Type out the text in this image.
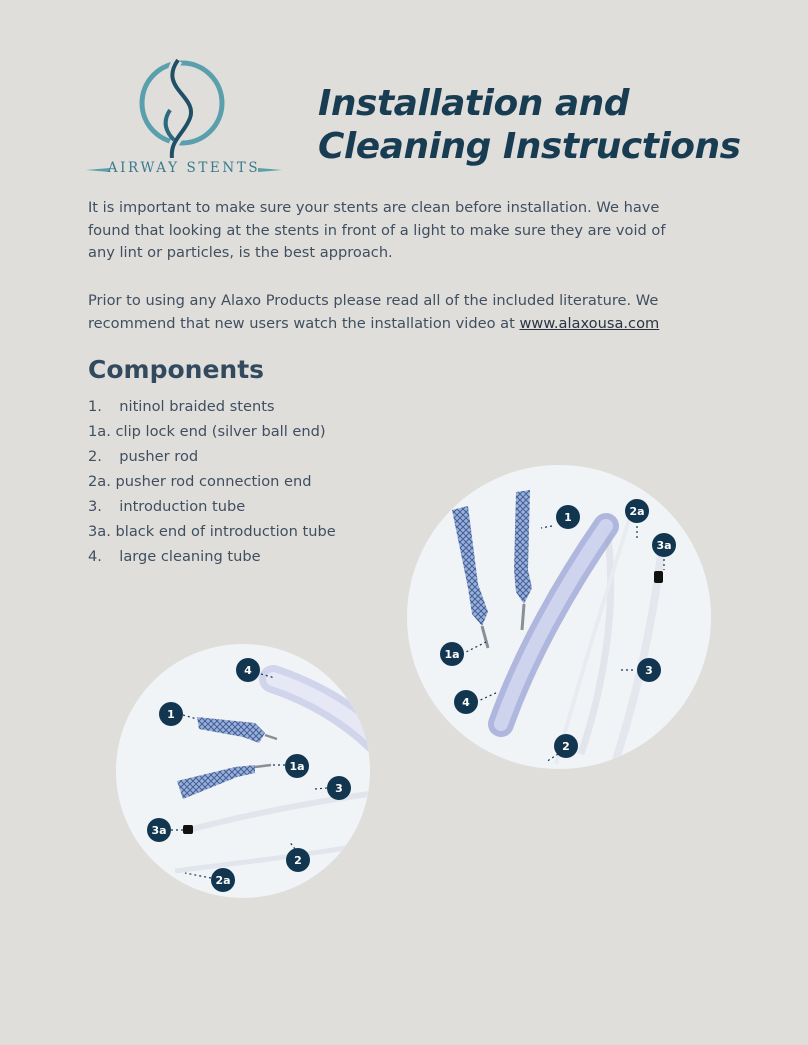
AIRWAY STENTS
Installation and
Cleaning Instructions
It is important to make sure your stents are clean before installation. We have found that looking at the stents in front of a light to make sure they are void of any lint or particles, is the best approach.
Prior to using any Alaxo Products please read all of the included literature. We recommend that new users watch the installation video at www.alaxousa.com
Components
1. nitinol braided stents
1a. clip lock end (silver ball end)
2. pusher rod
2a. pusher rod connection end
3. introduction tube
3a. black end of introduction tube
4. large cleaning tube
1	2a
3a
1a
3
4
2
4
1
1a
3
3a
2
2a
